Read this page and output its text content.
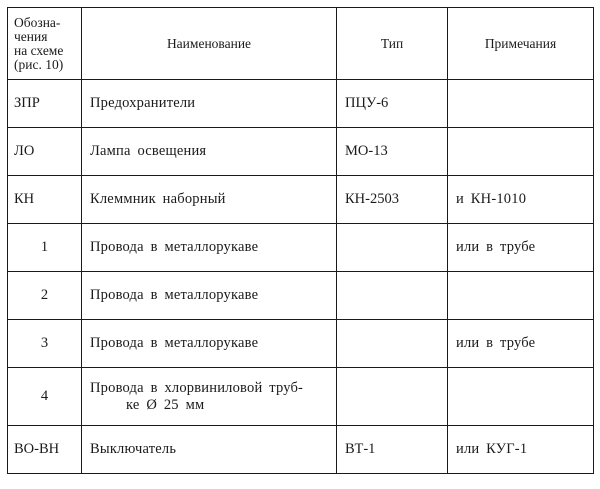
Обозна-
чения
на схеме
(рис. 10)	Наименование	Тип	Примечания
ЗПР	Предохранители	ПЦУ-6	
ЛО	Лампа освещения	МО-13	
КН	Клеммник наборный	КН-2503	и КН-1010
1	Провода в металлорукаве		или в трубе
2	Провода в металлорукаве		
3	Провода в металлорукаве		или в трубе
4	Провода в хлорвиниловой труб-
ке Ø 25 мм		

ВО-ВН	Выключатель	ВТ-1	или КУГ-1
